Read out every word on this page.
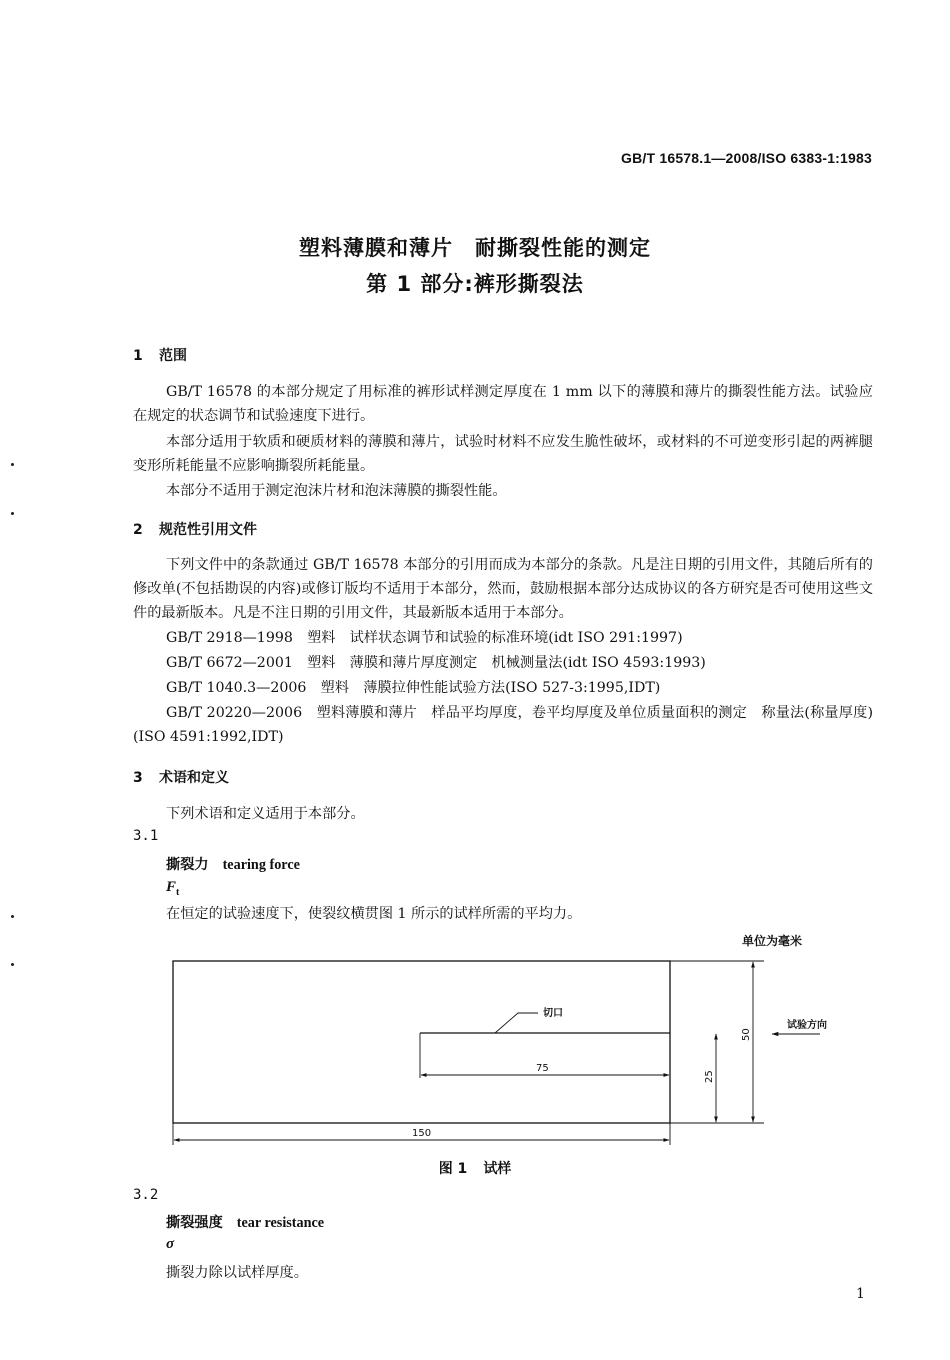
GB/T 16578.1—2008/ISO 6383-1:1983
塑料薄膜和薄片　耐撕裂性能的测定
第 1 部分:裤形撕裂法
1 范围
GB/T 16578 的本部分规定了用标准的裤形试样测定厚度在 1 mm 以下的薄膜和薄片的撕裂性能方法。试验应在规定的状态调节和试验速度下进行。
本部分适用于软质和硬质材料的薄膜和薄片，试验时材料不应发生脆性破坏，或材料的不可逆变形引起的两裤腿变形所耗能量不应影响撕裂所耗能量。
本部分不适用于测定泡沫片材和泡沫薄膜的撕裂性能。
2 规范性引用文件
下列文件中的条款通过 GB/T 16578 本部分的引用而成为本部分的条款。凡是注日期的引用文件，其随后所有的修改单(不包括勘误的内容)或修订版均不适用于本部分，然而，鼓励根据本部分达成协议的各方研究是否可使用这些文件的最新版本。凡是不注日期的引用文件，其最新版本适用于本部分。
GB/T 2918—1998　塑料　试样状态调节和试验的标准环境(idt ISO 291:1997)
GB/T 6672—2001　塑料　薄膜和薄片厚度测定　机械测量法(idt ISO 4593:1993)
GB/T 1040.3—2006　塑料　薄膜拉伸性能试验方法(ISO 527-3:1995,IDT)
GB/T 20220—2006　塑料薄膜和薄片　样品平均厚度，卷平均厚度及单位质量面积的测定　称量法(称量厚度)(ISO 4591:1992,IDT)
3 术语和定义
下列术语和定义适用于本部分。
3.1
撕裂力 tearing force
$F_t$
在恒定的试验速度下，使裂纹横贯图 1 所示的试样所需的平均力。
单位为毫米
切口
75
150
25
50
试验方向
图 1 试样
3.2
撕裂强度 tear resistance
σ
撕裂力除以试样厚度。
1
